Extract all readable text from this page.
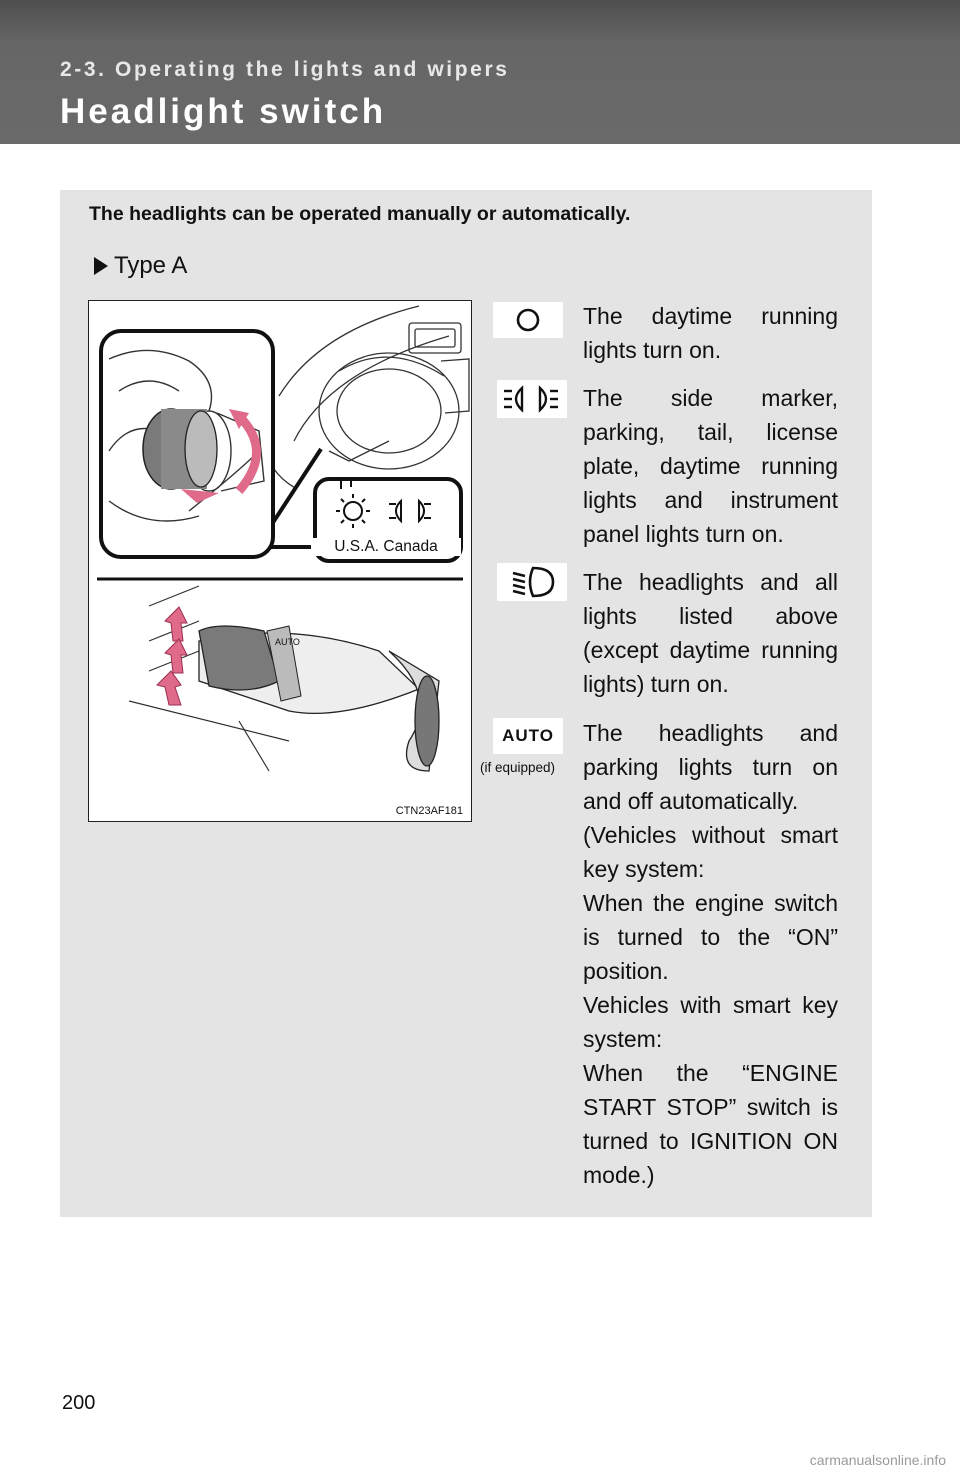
2-3. Operating the lights and wipers
Headlight switch
The headlights can be operated manually or automatically.
Type A
AUTO
U.S.A. Canada
CTN23AF181
The daytime running lights turn on.
The side marker, parking, tail, license plate, daytime running lights and instrument panel lights turn on.
The headlights and all lights listed above (except daytime running lights) turn on.
AUTO
(if equipped)

The headlights and parking lights turn on and off automatically.

(Vehicles without smart key system:

When the engine switch is turned to the “ON” position.

Vehicles with smart key system:

When the “ENGINE START STOP” switch is turned to IGNITION ON mode.)

200
carmanualsonline.info
